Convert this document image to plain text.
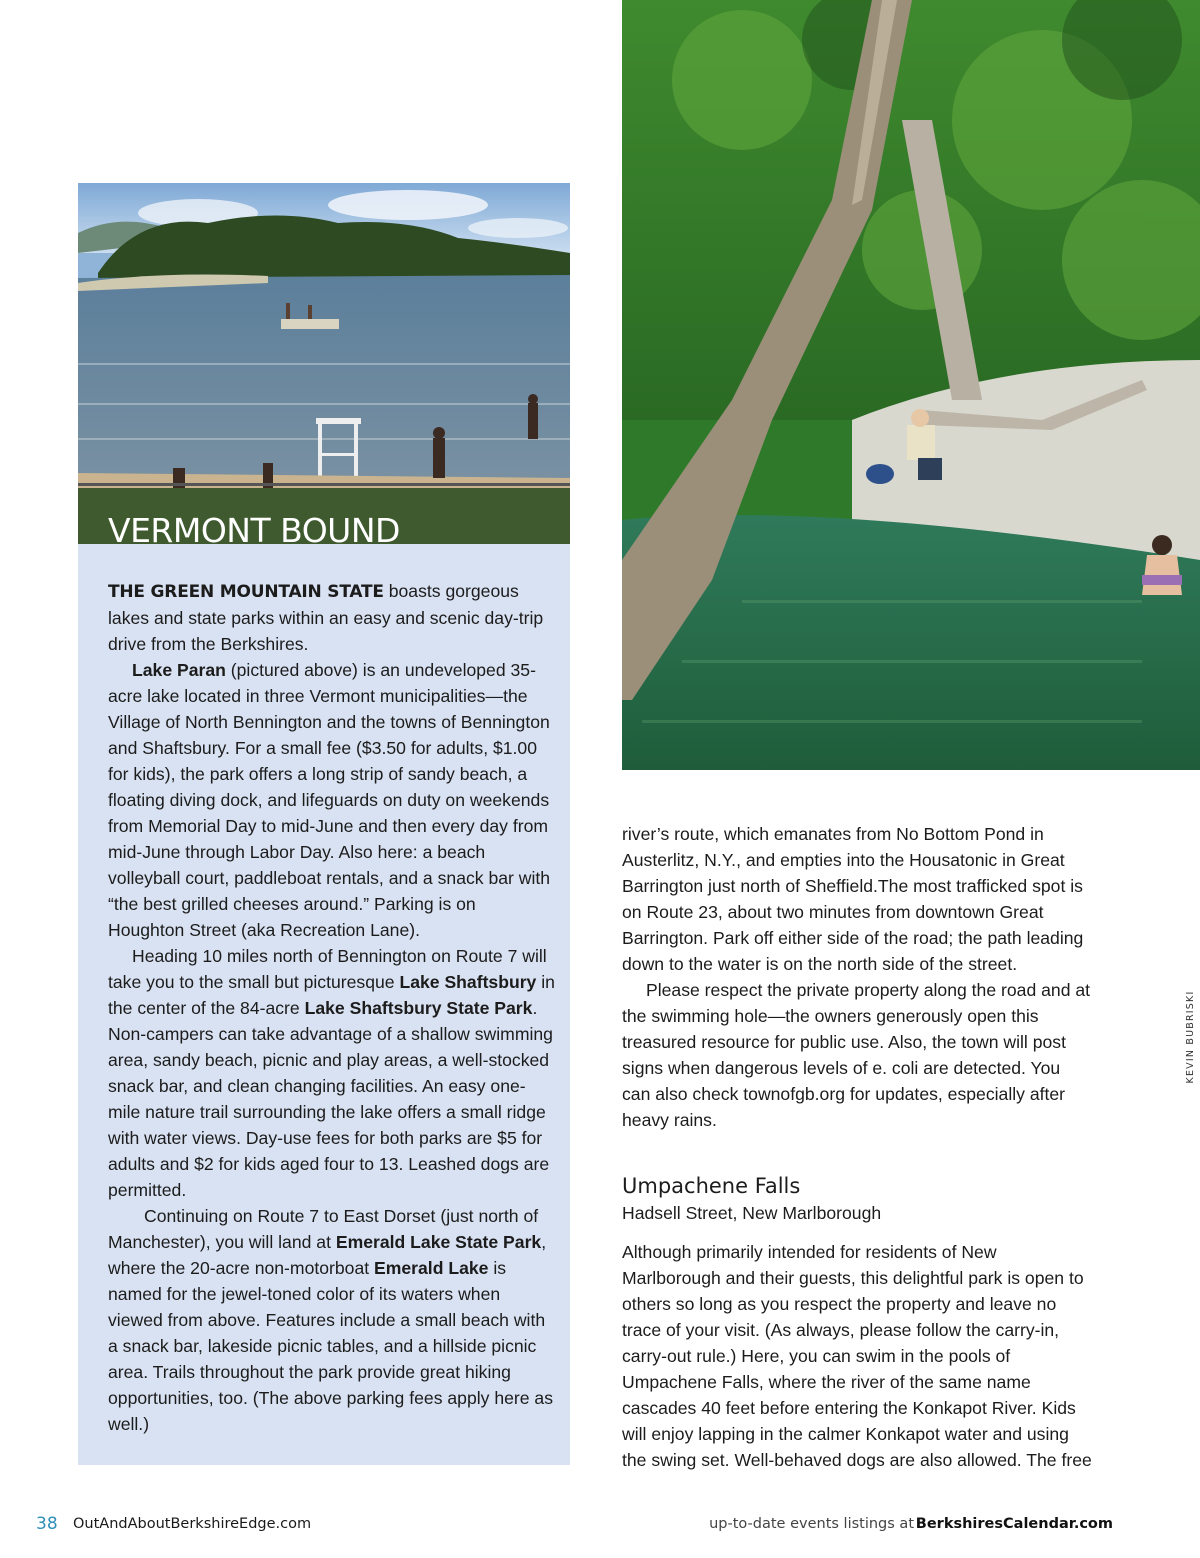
VERMONT BOUND

THE GREEN MOUNTAIN STATE boasts gorgeous lakes and state parks within an easy and scenic day-trip drive from the Berkshires.

Lake Paran (pictured above) is an undeveloped 35-acre lake located in three Vermont municipalities—the Village of North Bennington and the towns of Bennington and Shaftsbury. For a small fee ($3.50 for adults, $1.00 for kids), the park offers a long strip of sandy beach, a floating diving dock, and lifeguards on duty on weekends from Memorial Day to mid-June and then every day from mid-June through Labor Day. Also here: a beach volleyball court, paddleboat rentals, and a snack bar with “the best grilled cheeses around.” Parking is on Houghton Street (aka Recreation Lane).

Heading 10 miles north of Bennington on Route 7 will take you to the small but picturesque Lake Shaftsbury in the center of the 84-acre Lake Shaftsbury State Park. Non-campers can take advantage of a shallow swimming area, sandy beach, picnic and play areas, a well-stocked snack bar, and clean changing facilities. An easy one-mile nature trail surrounding the lake offers a small ridge with water views. Day-use fees for both parks are $5 for adults and $2 for kids aged four to 13. Leashed dogs are permitted.

Continuing on Route 7 to East Dorset (just north of Manchester), you will land at Emerald Lake State Park, where the 20-acre non-motorboat Emerald Lake is named for the jewel-toned color of its waters when viewed from above. Features include a small beach with a snack bar, lakeside picnic tables, and a hillside picnic area. Trails throughout the park provide great hiking opportunities, too. (The above parking fees apply here as well.)

river’s route, which emanates from No Bottom Pond in Austerlitz, N.Y., and empties into the Housatonic in Great Barrington just north of Sheffield.The most trafficked spot is on Route 23, about two minutes from downtown Great Barrington. Park off either side of the road; the path leading down to the water is on the north side of the street.

Please respect the private property along the road and at the swimming hole—the owners generously open this treasured resource for public use. Also, the town will post signs when dangerous levels of e. coli are detected. You can also check townofgb.org for updates, especially after heavy rains.

Umpachene Falls

Hadsell Street, New Marlborough

Although primarily intended for residents of New Marlborough and their guests, this delightful park is open to others so long as you respect the property and leave no trace of your visit. (As always, please follow the carry-in, carry-out rule.) Here, you can swim in the pools of Umpachene Falls, where the river of the same name cascades 40 feet before entering the Konkapot River. Kids will enjoy lapping in the calmer Konkapot water and using the swing set. Well-behaved dogs are also allowed. The free

KEVIN BUBRISKI
38 OutAndAboutBerkshireEdge.com	up-to-date events listings at BerkshiresCalendar.com
